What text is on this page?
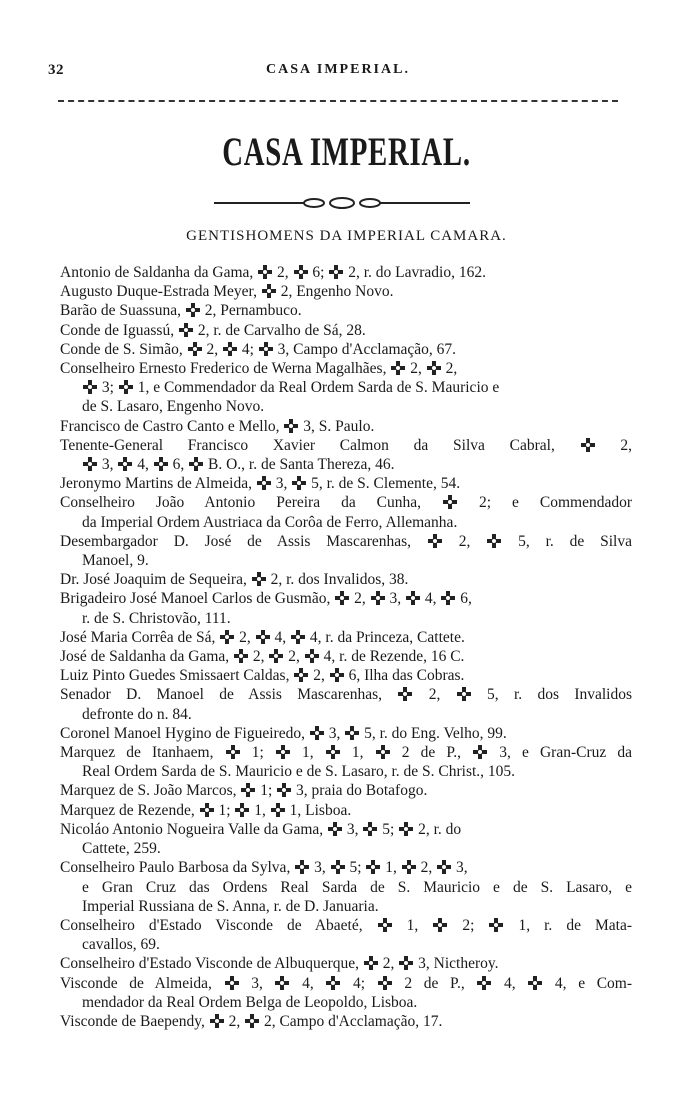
32	CASA IMPERIAL.
CASA IMPERIAL.
GENTISHOMENS DA IMPERIAL CAMARA.
Antonio de Saldanha da Gama,  2,  6;  2, r. do Lavradio, 162.
Augusto Duque-Estrada Meyer,  2, Engenho Novo.
Barão de Suassuna,  2, Pernambuco.
Conde de Iguassú,  2, r. de Carvalho de Sá, 28.
Conde de S. Simão,  2,  4;  3, Campo d'Acclamação, 67.
Conselheiro Ernesto Frederico de Werna Magalhães,  2,  2,
3;  1, e Commendador da Real Ordem Sarda de S. Mauricio e
de S. Lasaro, Engenho Novo.
Francisco de Castro Canto e Mello,  3, S. Paulo.
Tenente-General Francisco Xavier Calmon da Silva Cabral,  2,
3,  4,  6,  B. O., r. de Santa Thereza, 46.
Jeronymo Martins de Almeida,  3,  5, r. de S. Clemente, 54.
Conselheiro João Antonio Pereira da Cunha,  2; e Commendador
da Imperial Ordem Austriaca da Corôa de Ferro, Allemanha.
Desembargador D. José de Assis Mascarenhas,  2,  5, r. de Silva
Manoel, 9.
Dr. José Joaquim de Sequeira,  2, r. dos Invalidos, 38.
Brigadeiro José Manoel Carlos de Gusmão,  2,  3,  4,  6,
r. de S. Christovão, 111.
José Maria Corrêa de Sá,  2,  4,  4, r. da Princeza, Cattete.
José de Saldanha da Gama,  2,  2,  4, r. de Rezende, 16 C.
Luiz Pinto Guedes Smissaert Caldas,  2,  6, Ilha das Cobras.
Senador D. Manoel de Assis Mascarenhas,  2,  5, r. dos Invalidos
defronte do n. 84.
Coronel Manoel Hygino de Figueiredo,  3,  5, r. do Eng. Velho, 99.
Marquez de Itanhaem,  1;  1,  1,  2 de P.,  3, e Gran-Cruz da
Real Ordem Sarda de S. Mauricio e de S. Lasaro, r. de S. Christ., 105.
Marquez de S. João Marcos,  1;  3, praia do Botafogo.
Marquez de Rezende,  1;  1,  1, Lisboa.
Nicoláo Antonio Nogueira Valle da Gama,  3,  5;  2, r. do
Cattete, 259.
Conselheiro Paulo Barbosa da Sylva,  3,  5;  1,  2,  3,
e Gran Cruz das Ordens Real Sarda de S. Mauricio e de S. Lasaro, e
Imperial Russiana de S. Anna, r. de D. Januaria.
Conselheiro d'Estado Visconde de Abaeté,  1,  2;  1, r. de Mata-
cavallos, 69.
Conselheiro d'Estado Visconde de Albuquerque,  2,  3, Nictheroy.
Visconde de Almeida,  3,  4,  4;  2 de P.,  4,  4, e Com-
mendador da Real Ordem Belga de Leopoldo, Lisboa.
Visconde de Baependy,  2,  2, Campo d'Acclamação, 17.
